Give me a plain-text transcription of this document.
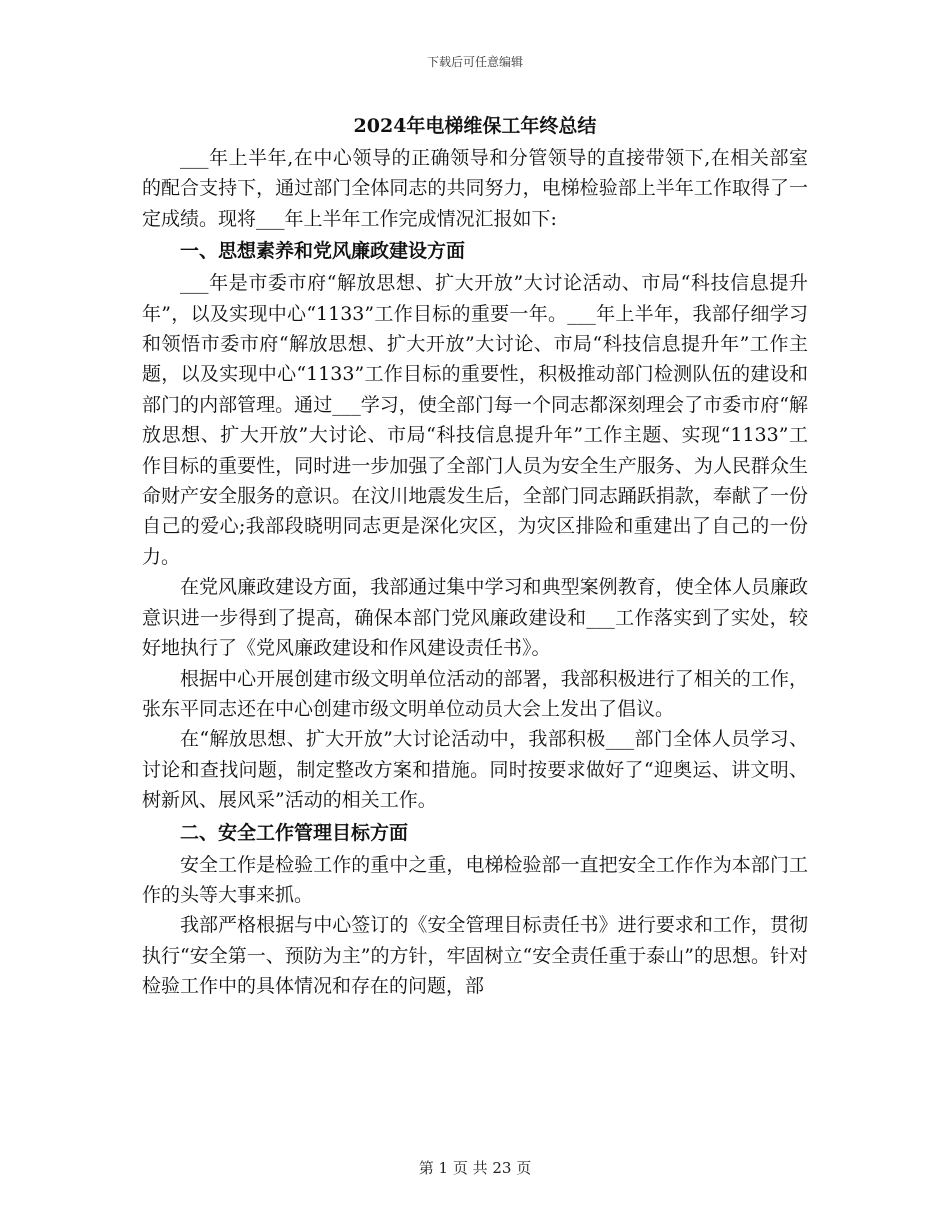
下载后可任意编辑
2024年电梯维保工年终总结

___年上半年,在中心领导的正确领导和分管领导的直接带领下,在相关部室的配合支持下，通过部门全体同志的共同努力，电梯检验部上半年工作取得了一定成绩。现将___年上半年工作完成情况汇报如下:

一、思想素养和党风廉政建设方面

___年是市委市府“解放思想、扩大开放”大讨论活动、市局“科技信息提升年”，以及实现中心“1133”工作目标的重要一年。___年上半年，我部仔细学习和领悟市委市府“解放思想、扩大开放”大讨论、市局“科技信息提升年”工作主题，以及实现中心“1133”工作目标的重要性，积极推动部门检测队伍的建设和部门的内部管理。通过___学习，使全部门每一个同志都深刻理会了市委市府“解放思想、扩大开放”大讨论、市局“科技信息提升年”工作主题、实现“1133”工作目标的重要性，同时进一步加强了全部门人员为安全生产服务、为人民群众生命财产安全服务的意识。在汶川地震发生后，全部门同志踊跃捐款，奉献了一份自己的爱心;我部段晓明同志更是深化灾区，为灾区排险和重建出了自己的一份力。

在党风廉政建设方面，我部通过集中学习和典型案例教育，使全体人员廉政意识进一步得到了提高，确保本部门党风廉政建设和___工作落实到了实处，较好地执行了《党风廉政建设和作风建设责任书》。

根据中心开展创建市级文明单位活动的部署，我部积极进行了相关的工作，张东平同志还在中心创建市级文明单位动员大会上发出了倡议。

在“解放思想、扩大开放”大讨论活动中，我部积极___部门全体人员学习、讨论和查找问题，制定整改方案和措施。同时按要求做好了“迎奥运、讲文明、树新风、展风采”活动的相关工作。

二、安全工作管理目标方面

安全工作是检验工作的重中之重，电梯检验部一直把安全工作作为本部门工作的头等大事来抓。

我部严格根据与中心签订的《安全管理目标责任书》进行要求和工作，贯彻执行“安全第一、预防为主”的方针，牢固树立“安全责任重于泰山”的思想。针对检验工作中的具体情况和存在的问题，部

第 1 页 共 23 页
